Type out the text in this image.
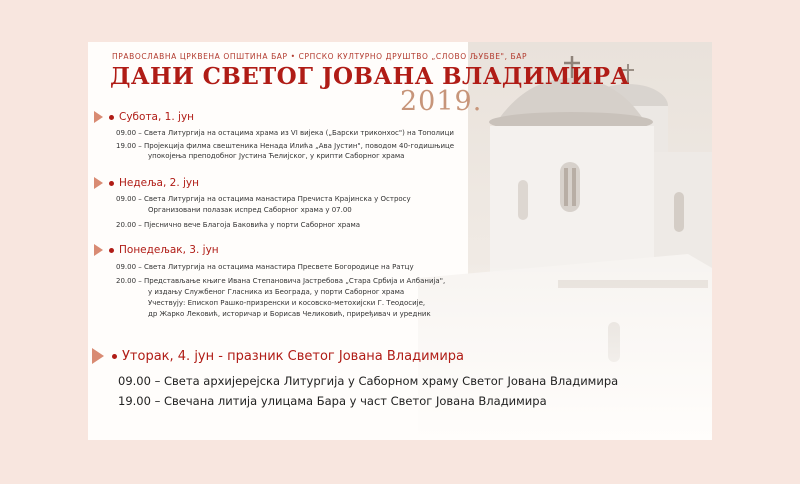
ПРАВОСЛАВНА ЦРКВЕНА ОПШТИНА БАР • СРПСКО КУЛТУРНО ДРУШТВО „СЛОВО ЉУБВЕ", БАР
ДАНИ СВЕТОГ ЈОВАНА ВЛАДИМИРА
2019.
Субота, 1. јун
09.00 – Света Литургија на остацима храма из VI вијека („Барски триконхос") на Тополици
19.00 – Пројекција филма свештеника Ненада Илића „Ава Јустин", поводом 40-годишњице
упокојења преподобног Јустина Ћелијског, у крипти Саборног храма
Недеља, 2. јун
09.00 – Света Литургија на остацима манастира Пречиста Крајинска у Остросу
Организовани полазак испред Саборног храма у 07.00
20.00 – Пјеснично вече Благоја Баковића у порти Саборног храма
Понедељак, 3. јун
09.00 – Света Литургија на остацима манастира Пресвете Богородице на Ратцу
20.00 – Представљање књиге Ивана Степановича Јастребова „Стара Србија и Албанија",
у издању Службеног Гласника из Београда, у порти Саборног храма
Учествују: Епископ Рашко-призренски и косовско-метохијски Г. Теодосије,
др Жарко Лековић, историчар и Борисав Челиковић, приређивач и уредник
Уторак, 4. јун - празник Светог Јована Владимира
09.00 – Света архијерејска Литургија у Саборном храму Светог Јована Владимира
19.00 – Свечана литија улицама Бара у част Светог Јована Владимира
